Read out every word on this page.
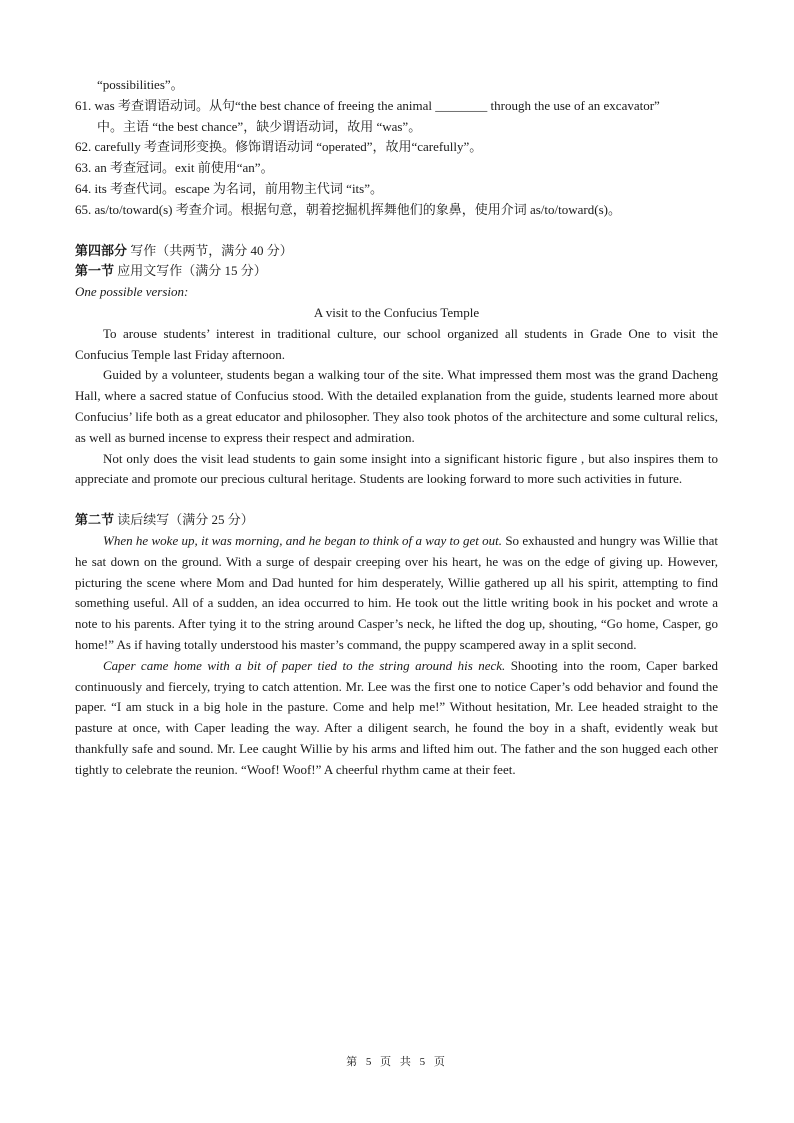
“possibilities”。
61. was 考查谓语动词。从句“the best chance of freeing the animal ________ through the use of an excavator”
中。主语 “the best chance”，缺少谓语动词，故用 “was”。
62. carefully 考查词形变换。修饰谓语动词 “operated”，故用“carefully”。
63. an 考查冠词。exit 前使用“an”。
64. its 考查代词。escape 为名词，前用物主代词 “its”。
65. as/to/toward(s) 考查介词。根据句意，朝着挖掘机挥舞他们的象鼻，使用介词 as/to/toward(s)。
第四部分 写作（共两节，满分 40 分）
第一节 应用文写作（满分 15 分）
One possible version:
A visit to the Confucius Temple

To arouse students’ interest in traditional culture, our school organized all students in Grade One to visit the Confucius Temple last Friday afternoon.

Guided by a volunteer, students began a walking tour of the site. What impressed them most was the grand Dacheng Hall, where a sacred statue of Confucius stood. With the detailed explanation from the guide, students learned more about Confucius’ life both as a great educator and philosopher. They also took photos of the architecture and some cultural relics, as well as burned incense to express their respect and admiration.

Not only does the visit lead students to gain some insight into a significant historic figure , but also inspires them to appreciate and promote our precious cultural heritage. Students are looking forward to more such activities in future.

第二节 读后续写（满分 25 分）

When he woke up, it was morning, and he began to think of a way to get out. So exhausted and hungry was Willie that he sat down on the ground. With a surge of despair creeping over his heart, he was on the edge of giving up. However, picturing the scene where Mom and Dad hunted for him desperately, Willie gathered up all his spirit, attempting to find something useful. All of a sudden, an idea occurred to him. He took out the little writing book in his pocket and wrote a note to his parents. After tying it to the string around Casper’s neck, he lifted the dog up, shouting, “Go home, Casper, go home!” As if having totally understood his master’s command, the puppy scampered away in a split second.

Caper came home with a bit of paper tied to the string around his neck. Shooting into the room, Caper barked continuously and fiercely, trying to catch attention. Mr. Lee was the first one to notice Caper’s odd behavior and found the paper. “I am stuck in a big hole in the pasture. Come and help me!” Without hesitation, Mr. Lee headed straight to the pasture at once, with Caper leading the way. After a diligent search, he found the boy in a shaft, evidently weak but thankfully safe and sound. Mr. Lee caught Willie by his arms and lifted him out. The father and the son hugged each other tightly to celebrate the reunion. “Woof! Woof!” A cheerful rhythm came at their feet.

第 5 页 共 5 页
